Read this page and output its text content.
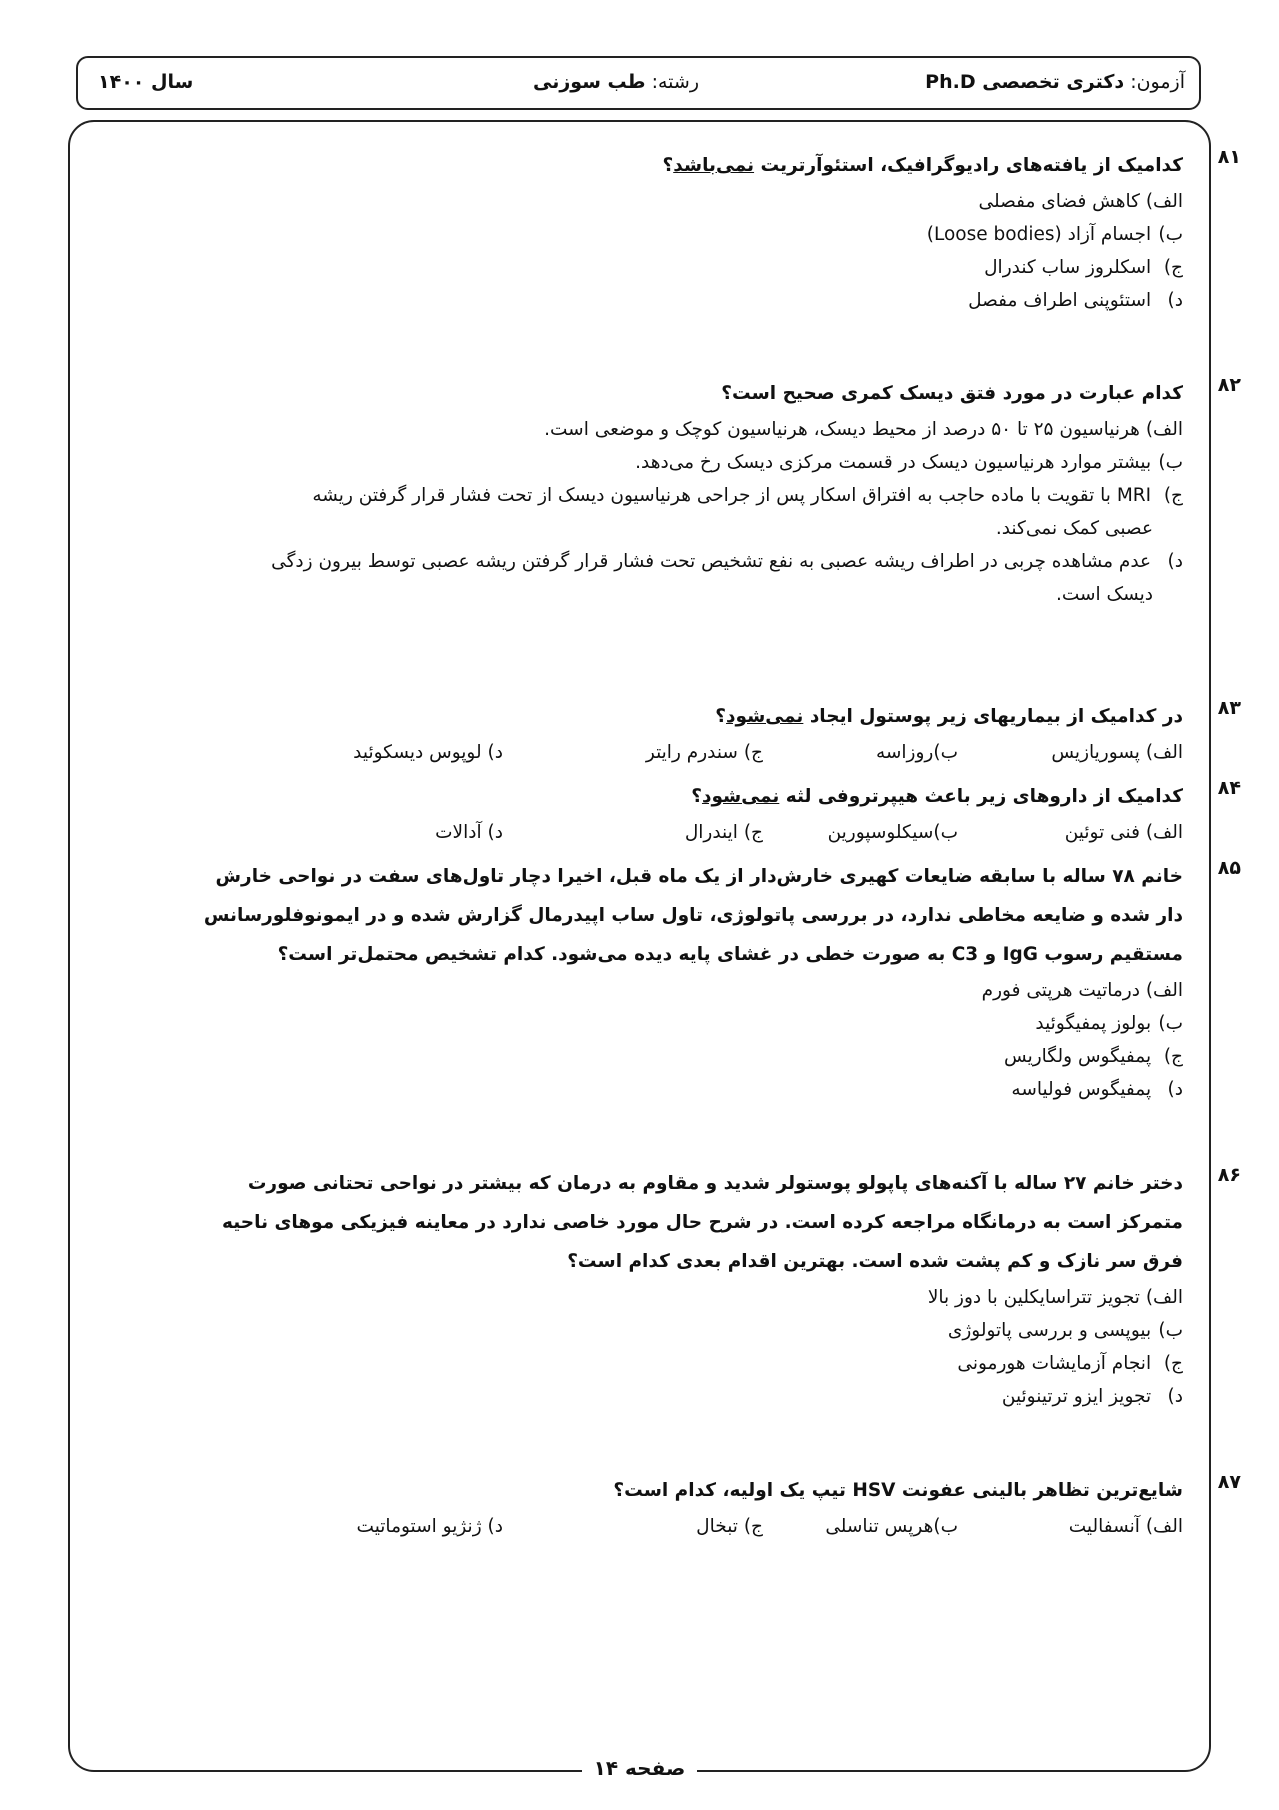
آزمون: دکتری تخصصی Ph.D
رشته: طب سوزنی
سال ۱۴۰۰
۸۱
کدامیک از یافته‌های رادیوگرافیک، استئوآرتریت نمی‌باشد؟
الف) کاهش فضای مفصلی
ب) اجسام آزاد (Loose bodies)
ج) اسکلروز ساب کندرال
د) استئوپنی اطراف مفصل
۸۲
کدام عبارت در مورد فتق دیسک کمری صحیح است؟
الف) هرنیاسیون ۲۵ تا ۵۰ درصد از محیط دیسک، هرنیاسیون کوچک و موضعی است.
ب) بیشتر موارد هرنیاسیون دیسک در قسمت مرکزی دیسک رخ می‌دهد.
ج) MRI با تقویت با ماده حاجب به افتراق اسکار پس از جراحی هرنیاسیون دیسک از تحت فشار قرار گرفتن ریشه
عصبی کمک نمی‌کند.
د) عدم مشاهده چربی در اطراف ریشه عصبی به نفع تشخیص تحت فشار قرار گرفتن ریشه عصبی توسط بیرون زدگی
دیسک است.
۸۳
در کدامیک از بیماریهای زیر پوستول ایجاد نمی‌شود؟
الف) پسوریازیس
ب)روزاسه
ج) سندرم رایتر
د) لوپوس دیسکوئید
۸۴
کدامیک از داروهای زیر باعث هیپرتروفی لثه نمی‌شود؟
الف) فنی توئین
ب)سیکلوسپورین
ج) ایندرال
د) آدالات
۸۵
خانم ۷۸ ساله با سابقه ضایعات کهیری خارش‌دار از یک ماه قبل، اخیرا دچار تاول‌های سفت در نواحی خارش
دار شده و ضایعه مخاطی ندارد، در بررسی پاتولوژی، تاول ساب اپیدرمال گزارش شده و در ایمونوفلورسانس
مستقیم رسوب IgG و C3 به صورت خطی در غشای پایه دیده می‌شود. کدام تشخیص محتمل‌تر است؟
الف) درماتیت هرپتی فورم
ب) بولوز پمفیگوئید
ج) پمفیگوس ولگاریس
د) پمفیگوس فولیاسه
۸۶
دختر خانم ۲۷ ساله با آکنه‌های پاپولو پوستولر شدید و مقاوم به درمان که بیشتر در نواحی تحتانی صورت
متمرکز است به درمانگاه مراجعه کرده است. در شرح حال مورد خاصی ندارد در معاینه فیزیکی موهای ناحیه
فرق سر نازک و کم پشت شده است. بهترین اقدام بعدی کدام است؟
الف) تجویز تتراسایکلین با دوز بالا
ب) بیوپسی و بررسی پاتولوژی
ج) انجام آزمایشات هورمونی
د) تجویز ایزو ترتینوئین
۸۷
شایع‌ترین تظاهر بالینی عفونت HSV تیپ یک اولیه، کدام است؟
الف) آنسفالیت
ب)هرپس تناسلی
ج) تبخال
د) ژنژیو استوماتیت
صفحه ۱۴
